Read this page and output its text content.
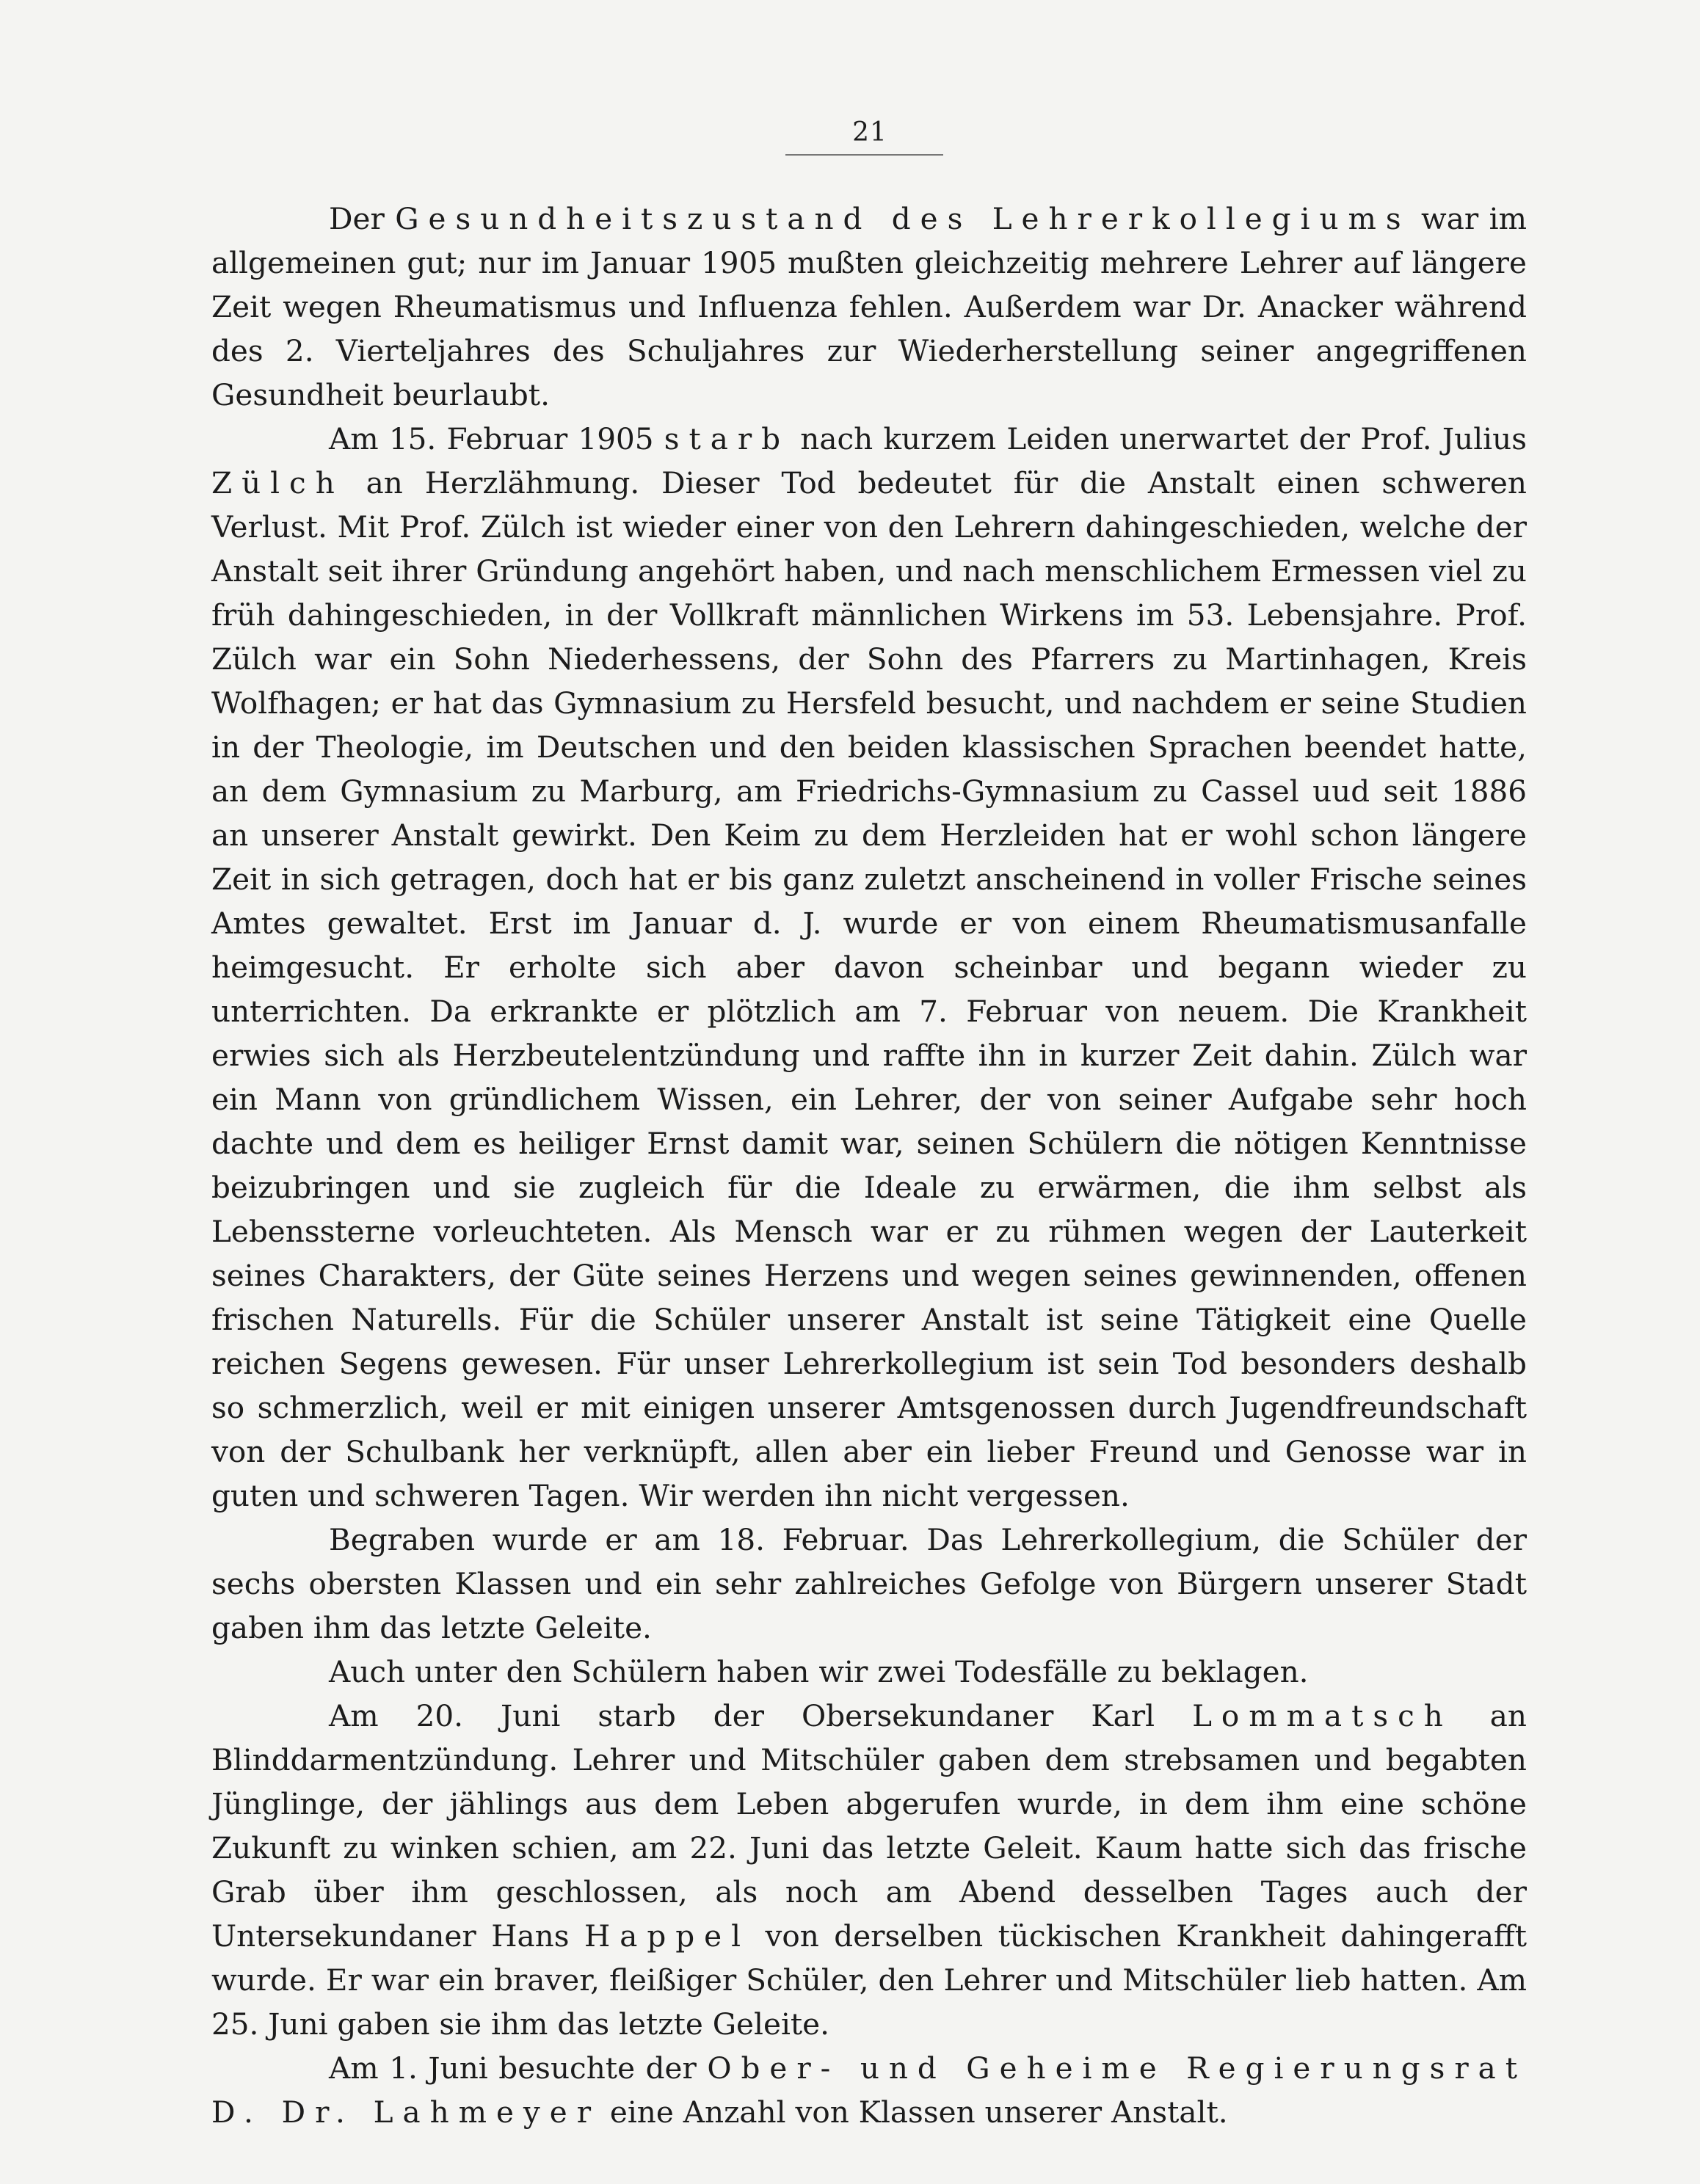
21

Der Gesundheitszustand des Lehrerkollegiums war im allgemeinen gut; nur im Januar 1905 mußten gleichzeitig mehrere Lehrer auf längere Zeit wegen Rheumatismus und Influenza fehlen. Außerdem war Dr. Anacker während des 2. Vierteljahres des Schuljahres zur Wiederherstellung seiner angegriffenen Gesundheit beurlaubt.

Am 15. Februar 1905 starb nach kurzem Leiden unerwartet der Prof. Julius Zülch an Herzlähmung. Dieser Tod bedeutet für die Anstalt einen schweren Verlust. Mit Prof. Zülch ist wieder einer von den Lehrern dahingeschieden, welche der Anstalt seit ihrer Gründung angehört haben, und nach menschlichem Ermessen viel zu früh dahingeschieden, in der Vollkraft männlichen Wirkens im 53. Lebensjahre. Prof. Zülch war ein Sohn Niederhessens, der Sohn des Pfarrers zu Martinhagen, Kreis Wolfhagen; er hat das Gymnasium zu Hersfeld besucht, und nachdem er seine Studien in der Theologie, im Deutschen und den beiden klassischen Sprachen beendet hatte, an dem Gymnasium zu Marburg, am Friedrichs-Gymnasium zu Cassel uud seit 1886 an unserer Anstalt gewirkt. Den Keim zu dem Herzleiden hat er wohl schon längere Zeit in sich getragen, doch hat er bis ganz zuletzt anscheinend in voller Frische seines Amtes gewaltet. Erst im Januar d. J. wurde er von einem Rheumatismusanfalle heimgesucht. Er erholte sich aber davon scheinbar und begann wieder zu unterrichten. Da erkrankte er plötzlich am 7. Februar von neuem. Die Krankheit erwies sich als Herzbeutelentzündung und raffte ihn in kurzer Zeit dahin. Zülch war ein Mann von gründlichem Wissen, ein Lehrer, der von seiner Aufgabe sehr hoch dachte und dem es heiliger Ernst damit war, seinen Schülern die nötigen Kenntnisse beizubringen und sie zugleich für die Ideale zu erwärmen, die ihm selbst als Lebenssterne vorleuchteten. Als Mensch war er zu rühmen wegen der Lauterkeit seines Charakters, der Güte seines Herzens und wegen seines gewinnenden, offenen frischen Naturells. Für die Schüler unserer Anstalt ist seine Tätigkeit eine Quelle reichen Segens gewesen. Für unser Lehrerkollegium ist sein Tod besonders deshalb so schmerzlich, weil er mit einigen unserer Amtsgenossen durch Jugendfreundschaft von der Schulbank her verknüpft, allen aber ein lieber Freund und Genosse war in guten und schweren Tagen. Wir werden ihn nicht vergessen.

Begraben wurde er am 18. Februar. Das Lehrerkollegium, die Schüler der sechs obersten Klassen und ein sehr zahlreiches Gefolge von Bürgern unserer Stadt gaben ihm das letzte Geleite.

Auch unter den Schülern haben wir zwei Todesfälle zu beklagen.

Am 20. Juni starb der Obersekundaner Karl Lommatsch an Blinddarmentzündung. Lehrer und Mitschüler gaben dem strebsamen und begabten Jünglinge, der jählings aus dem Leben abgerufen wurde, in dem ihm eine schöne Zukunft zu winken schien, am 22. Juni das letzte Geleit. Kaum hatte sich das frische Grab über ihm geschlossen, als noch am Abend desselben Tages auch der Untersekundaner Hans Happel von derselben tückischen Krankheit dahingerafft wurde. Er war ein braver, fleißiger Schüler, den Lehrer und Mitschüler lieb hatten. Am 25. Juni gaben sie ihm das letzte Geleite.

Am 1. Juni besuchte der Ober- und Geheime Regierungsrat D. Dr. Lahmeyer eine Anzahl von Klassen unserer Anstalt.
